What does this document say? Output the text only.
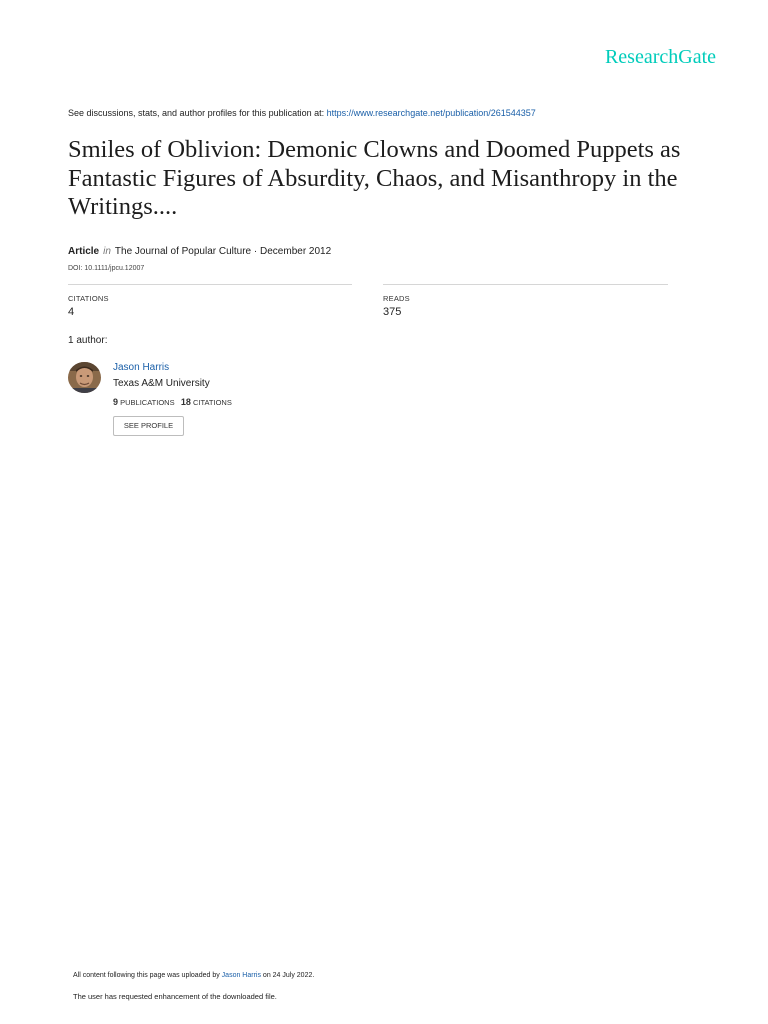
ResearchGate
See discussions, stats, and author profiles for this publication at: https://www.researchgate.net/publication/261544357
Smiles of Oblivion: Demonic Clowns and Doomed Puppets as Fantastic Figures of Absurdity, Chaos, and Misanthropy in the Writings....
Article in The Journal of Popular Culture · December 2012
DOI: 10.1111/jpcu.12007
CITATIONS
4
READS
375
1 author:
Jason Harris
Texas A&M University
9 PUBLICATIONS 18 CITATIONS
SEE PROFILE
All content following this page was uploaded by Jason Harris on 24 July 2022.
The user has requested enhancement of the downloaded file.
